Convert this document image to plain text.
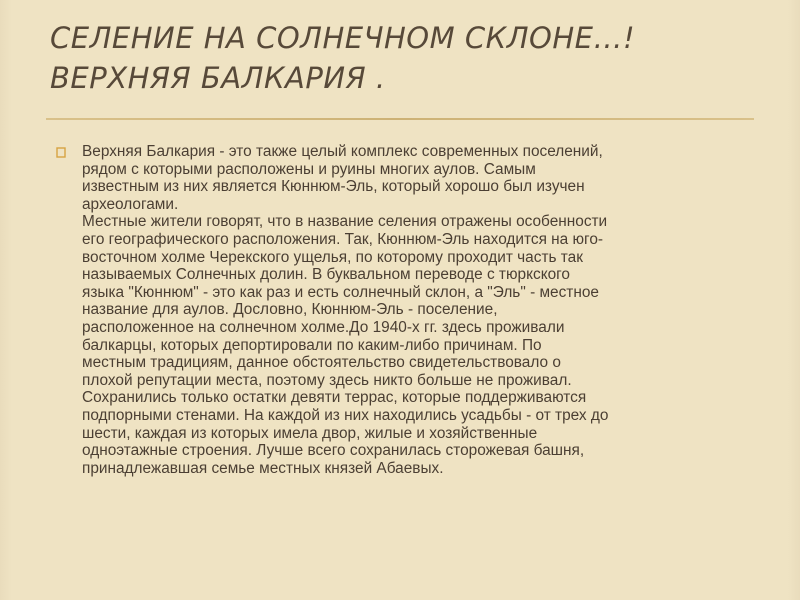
СЕЛЕНИЕ НА СОЛНЕЧНОМ СКЛОНЕ…!
ВЕРХНЯЯ БАЛКАРИЯ .

Верхняя Балкария - это также целый комплекс современных поселений,
рядом с которыми расположены и руины многих аулов. Самым
известным из них является Кюннюм-Эль, который хорошо был изучен
археологами.
Местные жители говорят, что в название селения отражены особенности
его географического расположения. Так, Кюннюм-Эль находится на юго-
восточном холме Черекского ущелья, по которому проходит часть так
называемых Солнечных долин. В буквальном переводе с тюркского
языка "Кюннюм" - это как раз и есть солнечный склон, а "Эль" - местное
название для аулов. Дословно, Кюннюм-Эль - поселение,
расположенное на солнечном холме.До 1940-х гг. здесь проживали
балкарцы, которых депортировали по каким-либо причинам. По
местным традициям, данное обстоятельство свидетельствовало о
плохой репутации места, поэтому здесь никто больше не проживал.
Сохранились только остатки девяти террас, которые поддерживаются
подпорными стенами. На каждой из них находились усадьбы - от трех до
шести, каждая из которых имела двор, жилые и хозяйственные
одноэтажные строения. Лучше всего сохранилась сторожевая башня,
принадлежавшая семье местных князей Абаевых.
